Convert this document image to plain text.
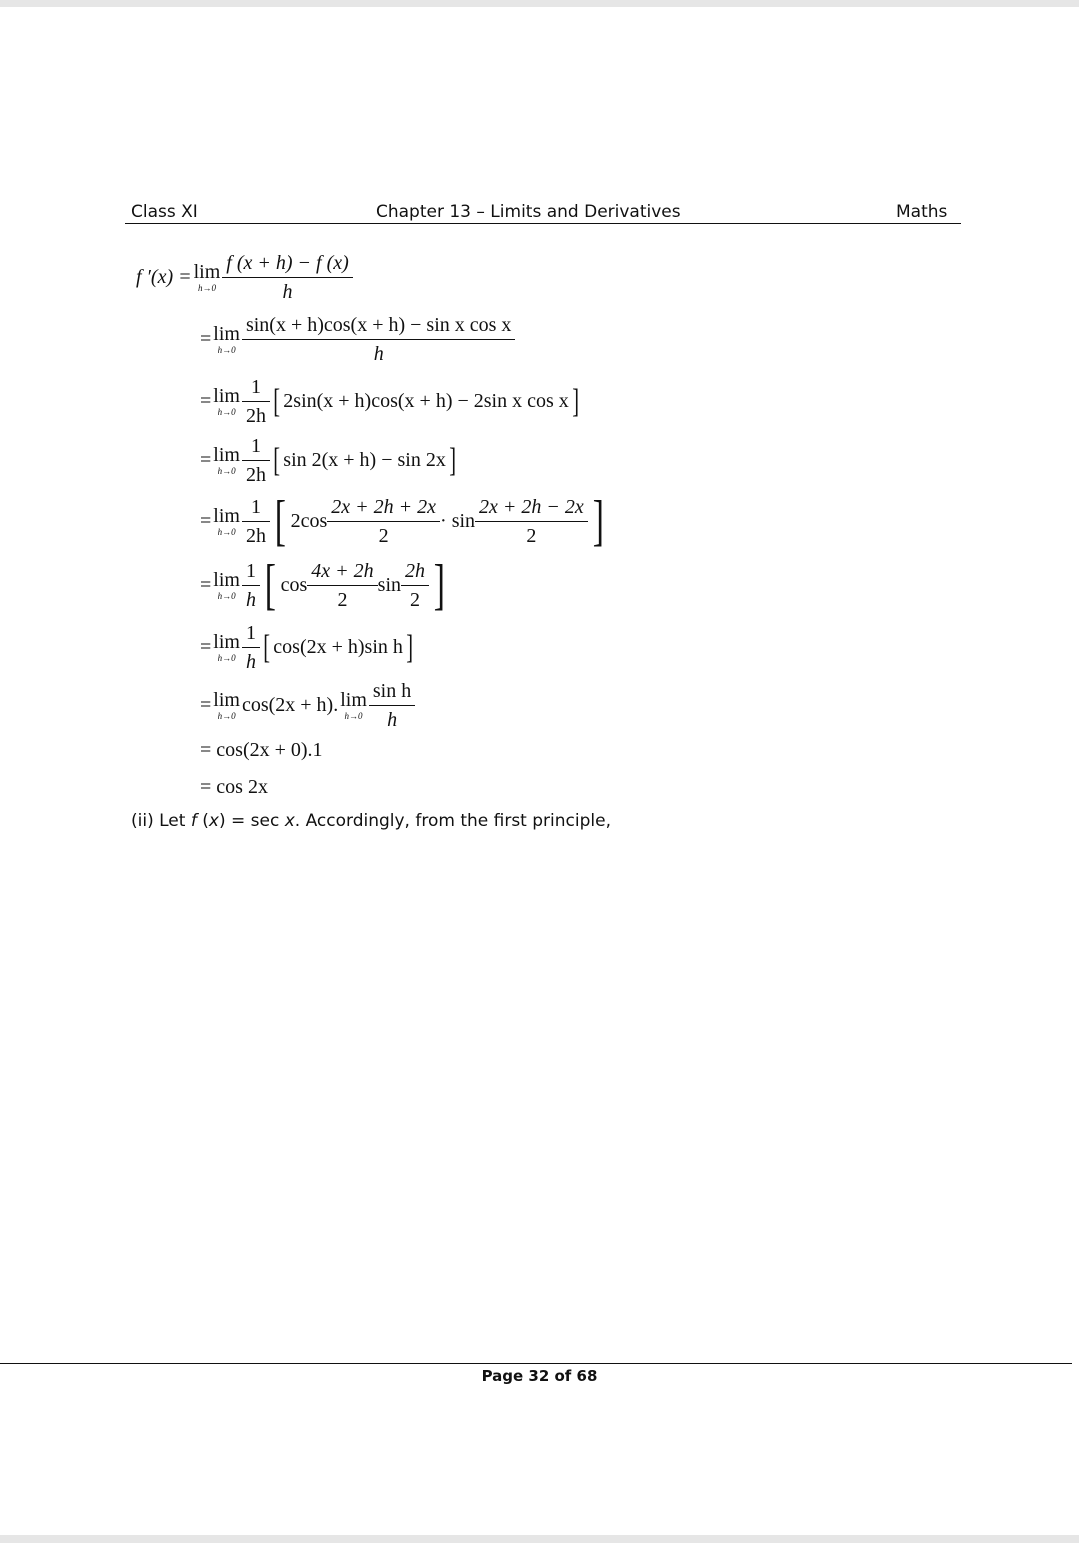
Class XI	Chapter 13 – Limits and Derivatives	Maths
f ′(x) = lim
$h\to 0 \frac{f (x + h) - f (x)}{h}$
= lim
$h\to 0 \frac{\text{sin(x + h)cos(x + h) − sin x cos x}}{h}$
= lim
$h\to 0 \frac{1}{2h}$ [ 2sin(x + h)cos(x + h) − 2sin x cos x ]
= lim
$h\to 0 \frac{1}{2h}$ [ sin 2(x + h) − sin 2x ]
= lim
$h\to 0 \frac{1}{2h}$ [ $2\cos \frac{2x + 2h + 2x}{2} \cdot \sin \frac{2x + 2h - 2x}{2}$ ]
= lim
$h\to 0 \frac{1}{h}$ [ $\cos \frac{4x + 2h}{2}$ $\sin \frac{2h}{2}$ ]
= lim
$h\to 0 \frac{1}{h}$ [ cos(2x + h)sin h ]
= lim
h→0 cos(2x + h). lim
$h\to 0 \frac{\text{sin h}}{h}$
=
cos(2x + 0).1
=
cos 2x
(ii) Let f (x) = sec x. Accordingly, from the first principle,
Page 32 of 68
